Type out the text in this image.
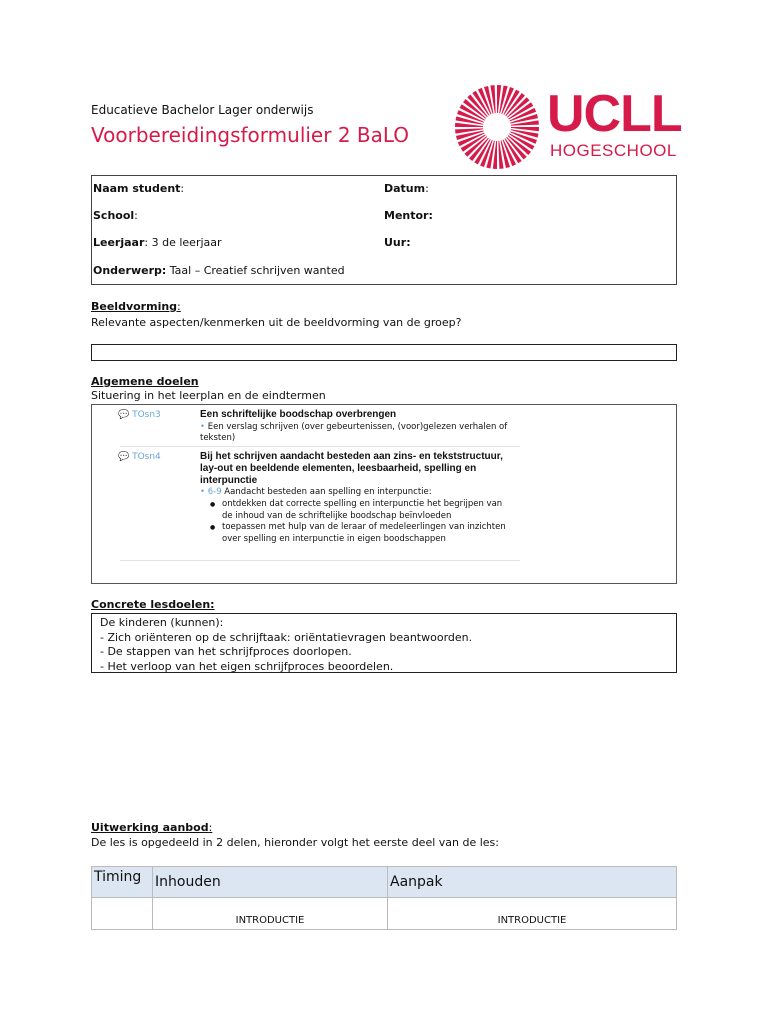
Educatieve Bachelor Lager onderwijs
Voorbereidingsformulier 2 BaLO	UCLL
HOGESCHOOL
Naam student:	Datum:
School:	Mentor:
Leerjaar: 3 de leerjaar	Uur:
Onderwerp: Taal – Creatief schrijven wanted
Beeldvorming:
Relevante aspecten/kenmerken uit de beeldvorming van de groep?
Algemene doelen
Situering in het leerplan en de eindtermen
💬 TOsn3	Een schriftelijke boodschap overbrengen
• Een verslag schrijven (over gebeurtenissen, (voor)gelezen verhalen of
teksten)
💬 TOsn4	Bij het schrijven aandacht besteden aan zins- en tekststructuur,
lay-out en beeldende elementen, leesbaarheid, spelling en
interpunctie
• 6-9 Aandacht besteden aan spelling en interpunctie:
● ontdekken dat correcte spelling en interpunctie het begrijpen van de inhoud van de schriftelijke boodschap beïnvloeden
● toepassen met hulp van de leraar of medeleerlingen van inzichten over spelling en interpunctie in eigen boodschappen
Concrete lesdoelen:
De kinderen (kunnen):
- Zich oriënteren op de schrijftaak: oriëntatievragen beantwoorden.
- De stappen van het schrijfproces doorlopen.
- Het verloop van het eigen schrijfproces beoordelen.
Uitwerking aanbod:
De les is opgedeeld in 2 delen, hieronder volgt het eerste deel van de les:
Timing	Inhouden	Aanpak
	INTRODUCTIE	INTRODUCTIE
